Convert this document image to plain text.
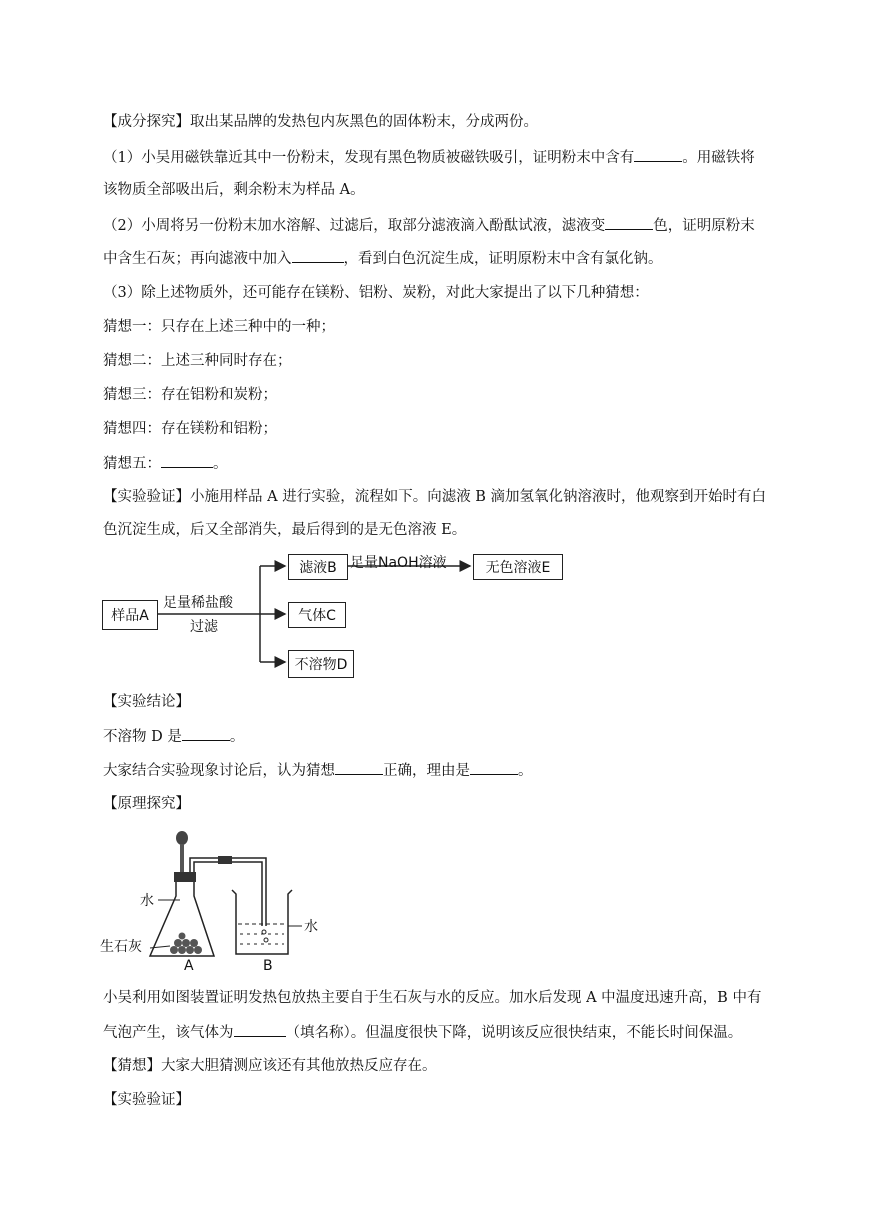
【成分探究】取出某品牌的发热包内灰黑色的固体粉末，分成两份。
（1）小吴用磁铁靠近其中一份粉末，发现有黑色物质被磁铁吸引，证明粉末中含有	。用磁铁将
该物质全部吸出后，剩余粉末为样品 A。
（2）小周将另一份粉末加水溶解、过滤后，取部分滤液滴入酚酞试液，滤液变	色，证明原粉末
中含生石灰；再向滤液中加入	，看到白色沉淀生成，证明原粉末中含有氯化钠。
（3）除上述物质外，还可能存在镁粉、铝粉、炭粉，对此大家提出了以下几种猜想：
猜想一：只存在上述三种中的一种；
猜想二：上述三种同时存在；
猜想三：存在铝粉和炭粉；
猜想四：存在镁粉和铝粉；
猜想五：	。
【实验验证】小施用样品 A 进行实验，流程如下。向滤液 B 滴加氢氧化钠溶液时，他观察到开始时有白
色沉淀生成，后又全部消失，最后得到的是无色溶液 E。
样品A
足量稀盐酸
过滤
滤液B 足量NaOH溶液	无色溶液E
气体C
不溶物D
【实验结论】
不溶物 D 是	。
大家结合实验现象讨论后，认为猜想	正确，理由是	。
【原理探究】
水
生石灰
水
A	B
小吴利用如图装置证明发热包放热主要自于生石灰与水的反应。加水后发现 A 中温度迅速升高，B 中有
气泡产生，该气体为	（填名称）。但温度很快下降，说明该反应很快结束，不能长时间保温。
【猜想】大家大胆猜测应该还有其他放热反应存在。
【实验验证】
